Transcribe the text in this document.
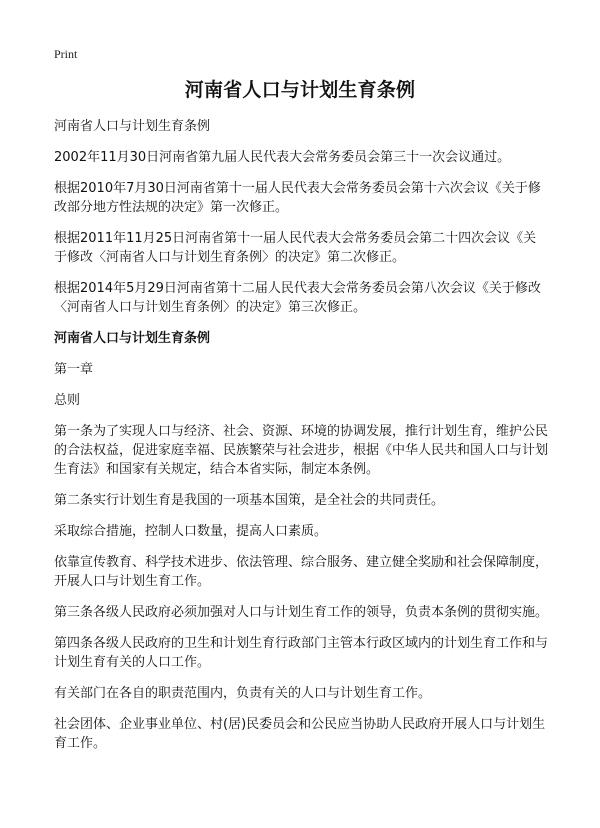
Print
河南省人口与计划生育条例

河南省人口与计划生育条例

2002年11月30日河南省第九届人民代表大会常务委员会第三十一次会议通过。

根据2010年7月30日河南省第十一届人民代表大会常务委员会第十六次会议《关于修改部分地方性法规的决定》第一次修正。

根据2011年11月25日河南省第十一届人民代表大会常务委员会第二十四次会议《关于修改〈河南省人口与计划生育条例〉的决定》第二次修正。

根据2014年5月29日河南省第十二届人民代表大会常务委员会第八次会议《关于修改〈河南省人口与计划生育条例〉的决定》第三次修正。

河南省人口与计划生育条例

第一章

总则

第一条为了实现人口与经济、社会、资源、环境的协调发展，推行计划生育，维护公民的合法权益，促进家庭幸福、民族繁荣与社会进步，根据《中华人民共和国人口与计划生育法》和国家有关规定，结合本省实际，制定本条例。

第二条实行计划生育是我国的一项基本国策，是全社会的共同责任。

采取综合措施，控制人口数量，提高人口素质。

依靠宣传教育、科学技术进步、依法管理、综合服务、建立健全奖励和社会保障制度，开展人口与计划生育工作。

第三条各级人民政府必须加强对人口与计划生育工作的领导，负责本条例的贯彻实施。

第四条各级人民政府的卫生和计划生育行政部门主管本行政区域内的计划生育工作和与计划生育有关的人口工作。

有关部门在各自的职责范围内，负责有关的人口与计划生育工作。

社会团体、企业事业单位、村(居)民委员会和公民应当协助人民政府开展人口与计划生育工作。
